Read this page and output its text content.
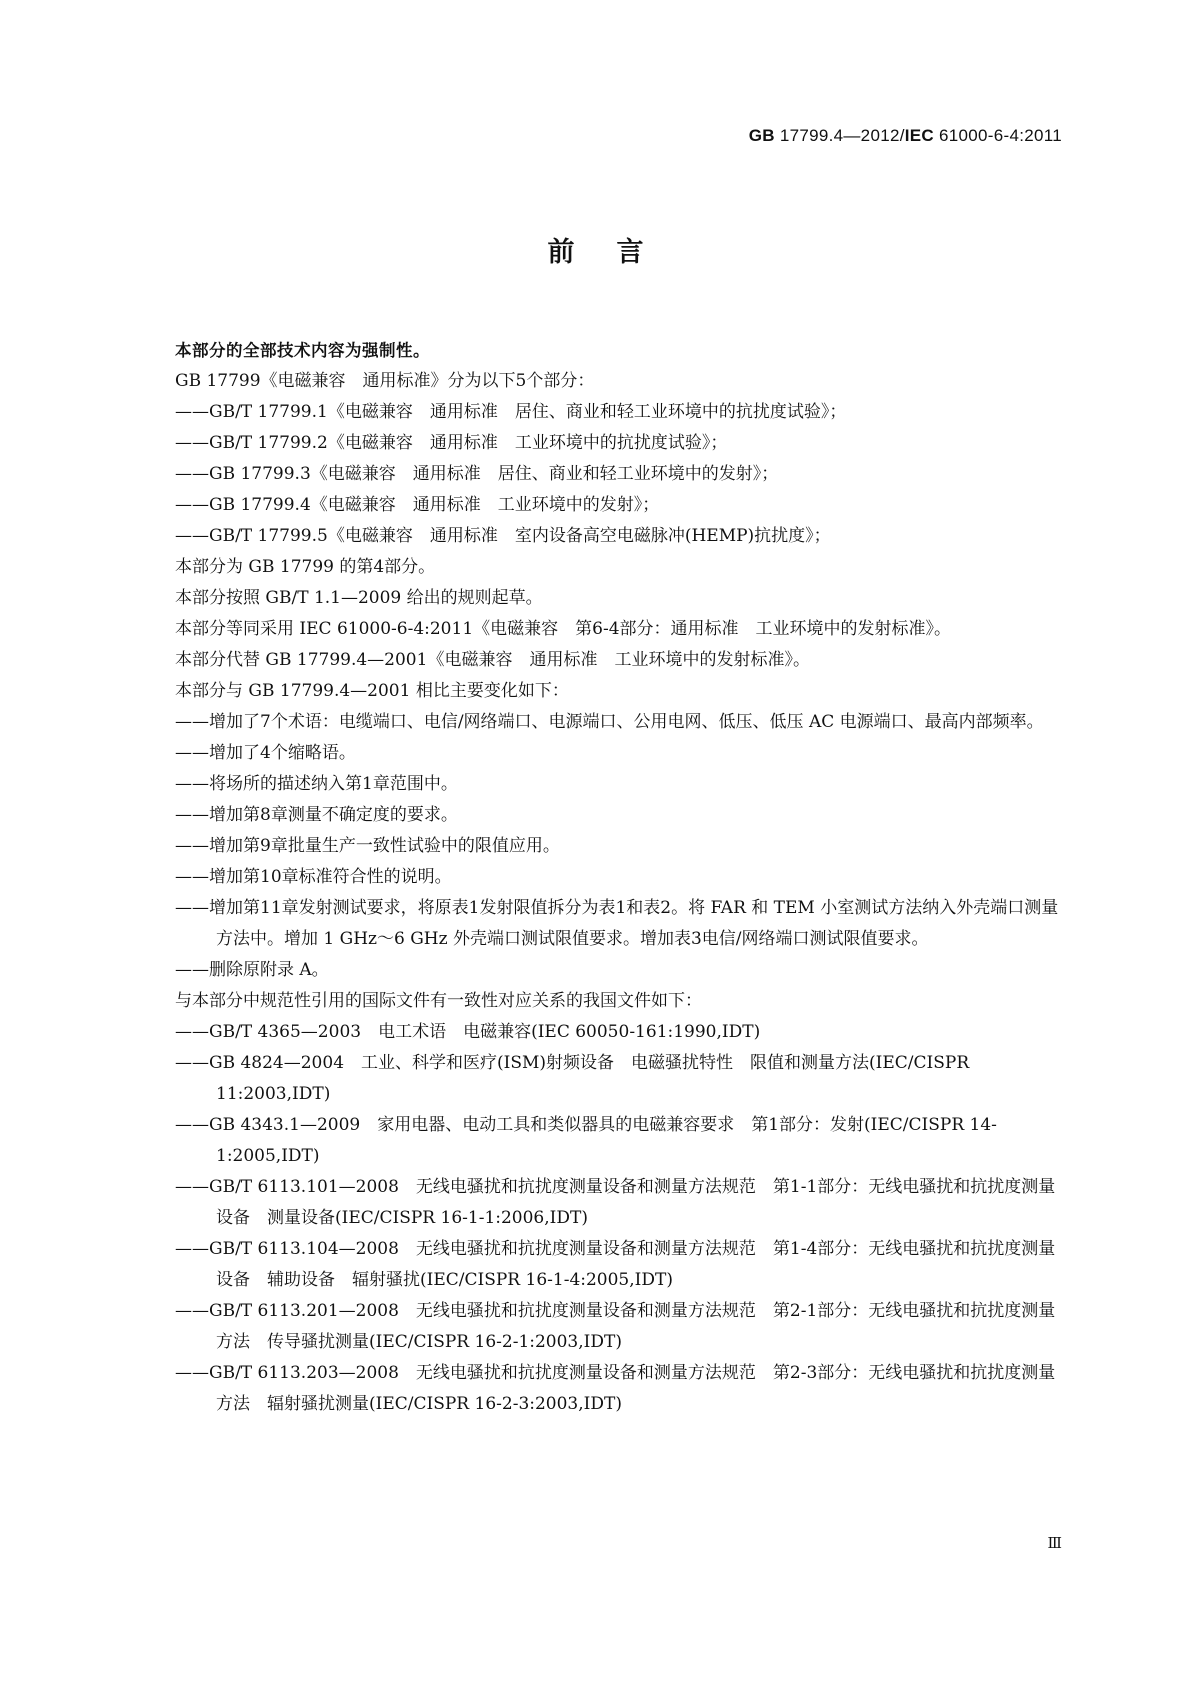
GB 17799.4—2012/IEC 61000-6-4:2011
前言

本部分的全部技术内容为强制性。

GB 17799《电磁兼容　通用标准》分为以下5个部分：

——GB/T 17799.1《电磁兼容　通用标准　居住、商业和轻工业环境中的抗扰度试验》；

——GB/T 17799.2《电磁兼容　通用标准　工业环境中的抗扰度试验》；

——GB 17799.3《电磁兼容　通用标准　居住、商业和轻工业环境中的发射》；

——GB 17799.4《电磁兼容　通用标准　工业环境中的发射》；

——GB/T 17799.5《电磁兼容　通用标准　室内设备高空电磁脉冲(HEMP)抗扰度》；

本部分为 GB 17799 的第4部分。

本部分按照 GB/T 1.1—2009 给出的规则起草。

本部分等同采用 IEC 61000-6-4:2011《电磁兼容　第6-4部分：通用标准　工业环境中的发射标准》。

本部分代替 GB 17799.4—2001《电磁兼容　通用标准　工业环境中的发射标准》。

本部分与 GB 17799.4—2001 相比主要变化如下：

——增加了7个术语：电缆端口、电信/网络端口、电源端口、公用电网、低压、低压 AC 电源端口、最高内部频率。

——增加了4个缩略语。

——将场所的描述纳入第1章范围中。

——增加第8章测量不确定度的要求。

——增加第9章批量生产一致性试验中的限值应用。

——增加第10章标准符合性的说明。

——增加第11章发射测试要求，将原表1发射限值拆分为表1和表2。将 FAR 和 TEM 小室测试方法纳入外壳端口测量方法中。增加 1 GHz～6 GHz 外壳端口测试限值要求。增加表3电信/网络端口测试限值要求。

——删除原附录 A。

与本部分中规范性引用的国际文件有一致性对应关系的我国文件如下：

——GB/T 4365—2003　电工术语　电磁兼容(IEC 60050-161:1990,IDT)

——GB 4824—2004　工业、科学和医疗(ISM)射频设备　电磁骚扰特性　限值和测量方法(IEC/CISPR 11:2003,IDT)

——GB 4343.1—2009　家用电器、电动工具和类似器具的电磁兼容要求　第1部分：发射(IEC/CISPR 14-1:2005,IDT)

——GB/T 6113.101—2008　无线电骚扰和抗扰度测量设备和测量方法规范　第1-1部分：无线电骚扰和抗扰度测量设备　测量设备(IEC/CISPR 16-1-1:2006,IDT)

——GB/T 6113.104—2008　无线电骚扰和抗扰度测量设备和测量方法规范　第1-4部分：无线电骚扰和抗扰度测量设备　辅助设备　辐射骚扰(IEC/CISPR 16-1-4:2005,IDT)

——GB/T 6113.201—2008　无线电骚扰和抗扰度测量设备和测量方法规范　第2-1部分：无线电骚扰和抗扰度测量方法　传导骚扰测量(IEC/CISPR 16-2-1:2003,IDT)

——GB/T 6113.203—2008　无线电骚扰和抗扰度测量设备和测量方法规范　第2-3部分：无线电骚扰和抗扰度测量方法　辐射骚扰测量(IEC/CISPR 16-2-3:2003,IDT)

Ⅲ
